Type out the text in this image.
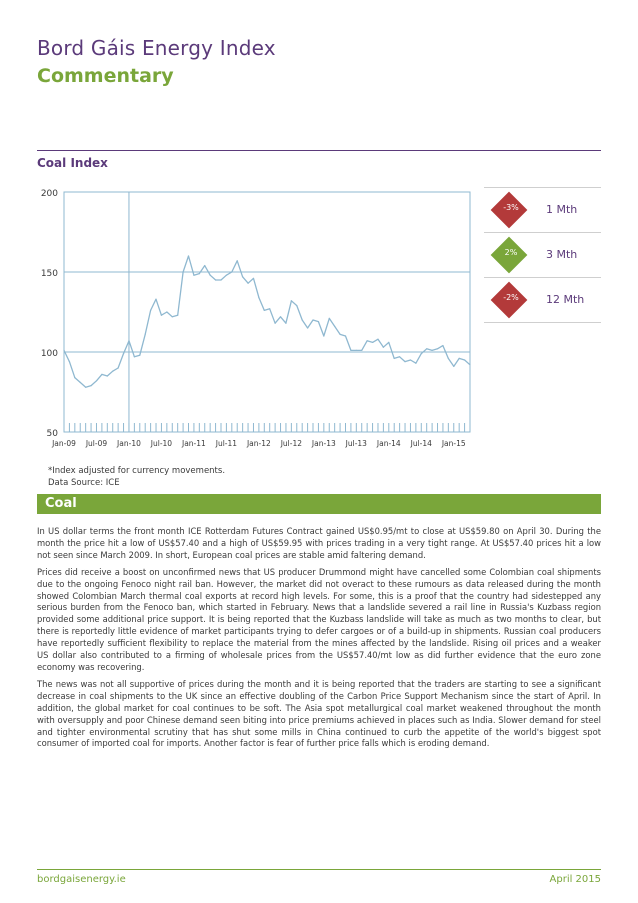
Bord Gáis Energy Index
Commentary
Coal Index
200
150
100
50
Jan-09 Jul-09 Jan-10 Jul-10 Jan-11 Jul-11 Jan-12 Jul-12 Jan-13 Jul-13 Jan-14 Jul-14 Jan-15
-3%	1 Mth
2%	3 Mth
-2%	12 Mth
*Index adjusted for currency movements.
Data Source: ICE
Coal

In US dollar terms the front month ICE Rotterdam Futures Contract gained US$0.95/mt to close at US$59.80 on April 30. During the month the price hit a low of US$57.40 and a high of US$59.95 with prices trading in a very tight range. At US$57.40 prices hit a low not seen since March 2009. In short, European coal prices are stable amid faltering demand.

Prices did receive a boost on unconfirmed news that US producer Drummond might have cancelled some Colombian coal shipments due to the ongoing Fenoco night rail ban. However, the market did not overact to these rumours as data released during the month showed Colombian March thermal coal exports at record high levels. For some, this is a proof that the country had sidestepped any serious burden from the Fenoco ban, which started in February. News that a landslide severed a rail line in Russia's Kuzbass region provided some additional price support. It is being reported that the Kuzbass landslide will take as much as two months to clear, but there is reportedly little evidence of market participants trying to defer cargoes or of a build-up in shipments. Russian coal producers have reportedly sufficient flexibility to replace the material from the mines affected by the landslide. Rising oil prices and a weaker US dollar also contributed to a firming of wholesale prices from the US$57.40/mt low as did further evidence that the euro zone economy was recovering.

The news was not all supportive of prices during the month and it is being reported that the traders are starting to see a significant decrease in coal shipments to the UK since an effective doubling of the Carbon Price Support Mechanism since the start of April. In addition, the global market for coal continues to be soft. The Asia spot metallurgical coal market weakened throughout the month with oversupply and poor Chinese demand seen biting into price premiums achieved in places such as India. Slower demand for steel and tighter environmental scrutiny that has shut some mills in China continued to curb the appetite of the world's biggest spot consumer of imported coal for imports. Another factor is fear of further price falls which is eroding demand.

bordgaisenergy.ie	April 2015
